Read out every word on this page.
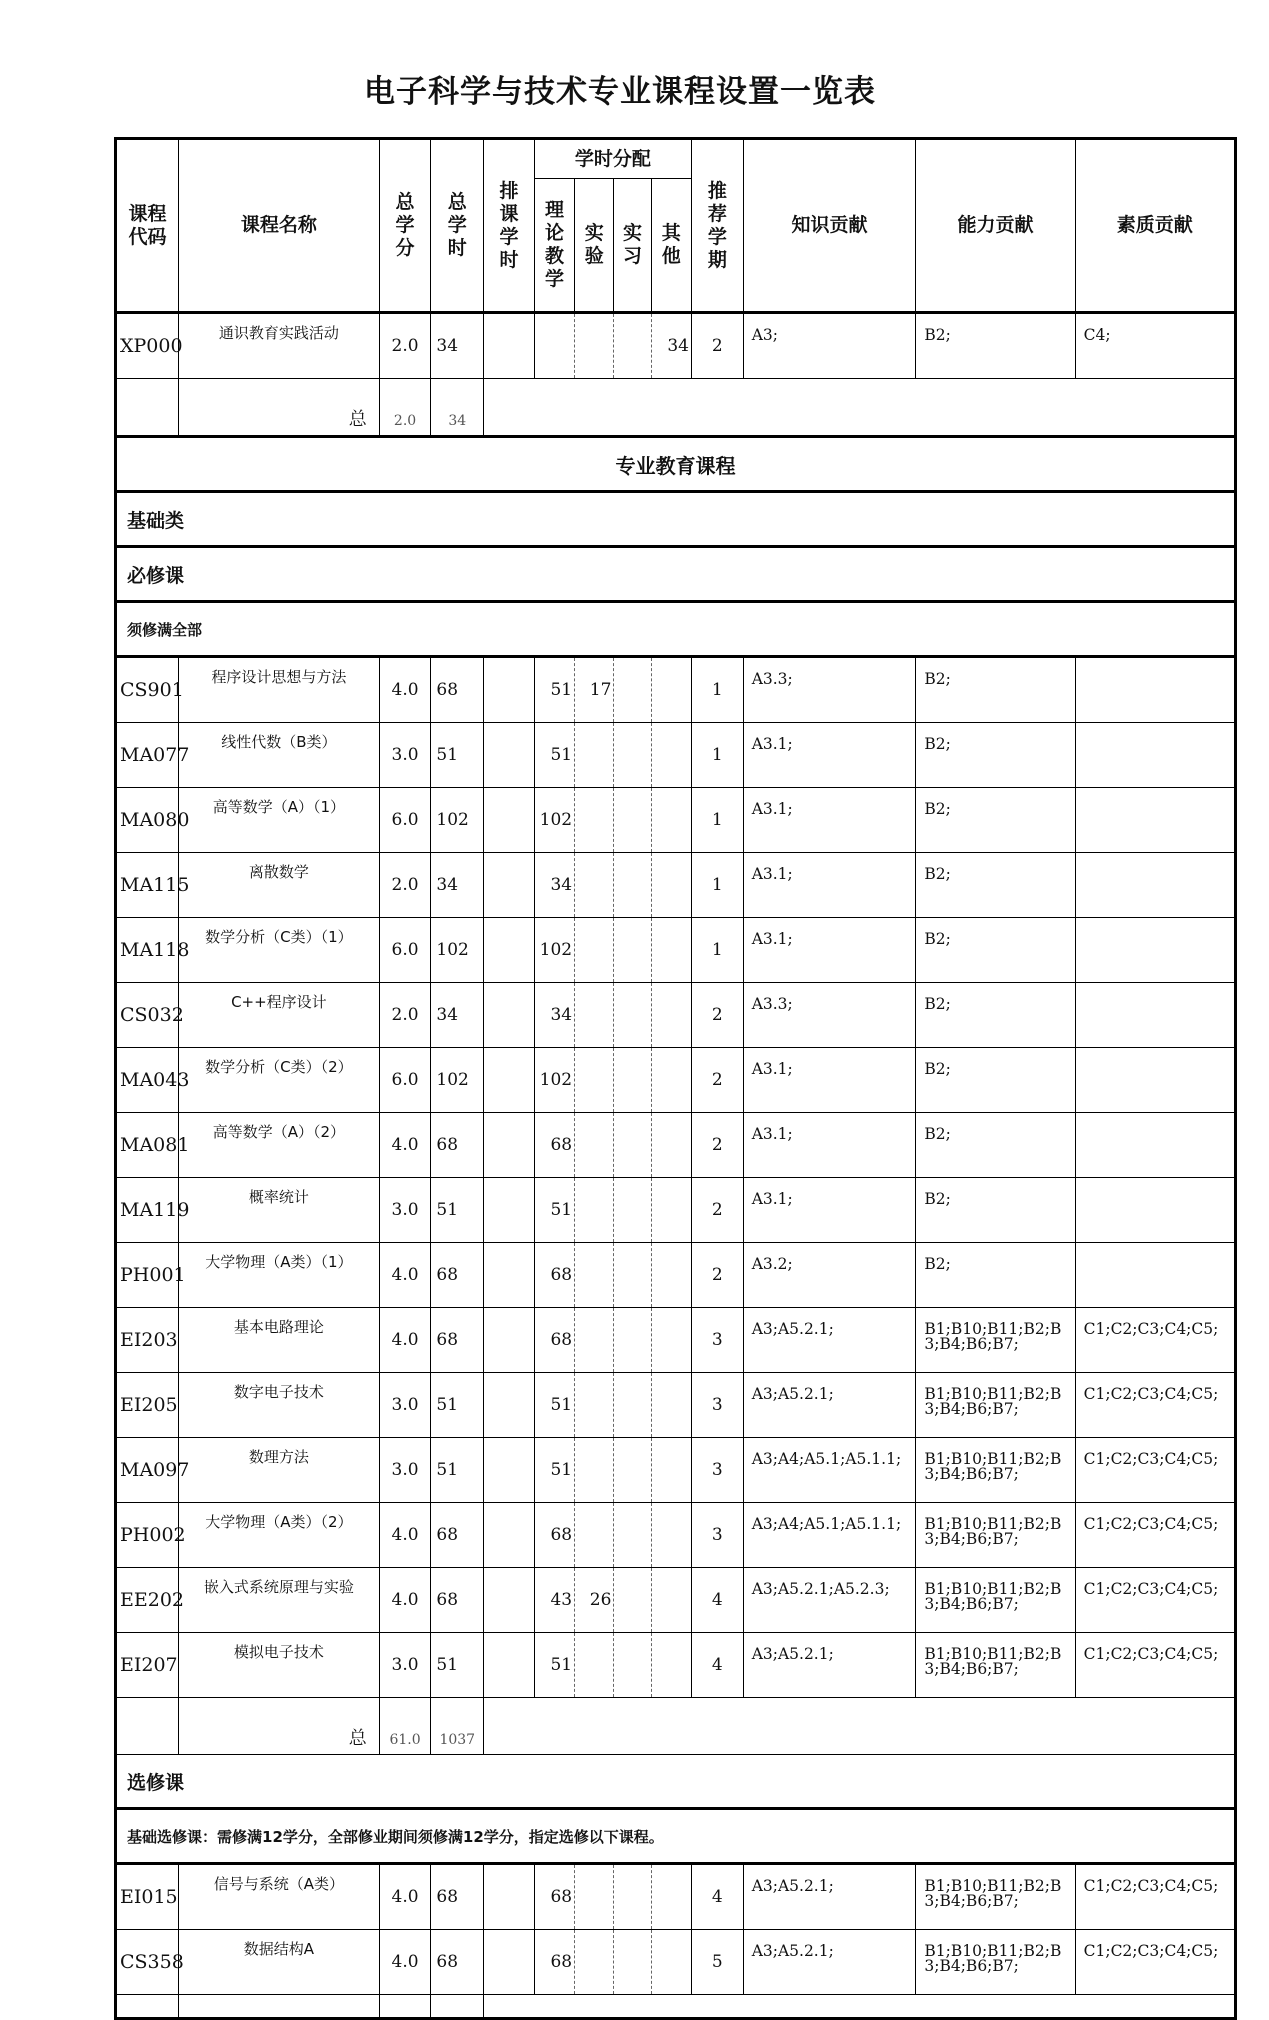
电子科学与技术专业课程设置一览表
课程代码	课程名称	总学分	总学时	排课学时	学时分配				推荐学期	知识贡献	能力贡献	素质贡献
					理论教学	实验	实习	其他				
XP000	通识教育实践活动	2.0	34					34	2	A3;	B2;	C4;
	总	2.0	34									
专业教育课程												
基础类												
必修课												
须修满全部												
CS901	程序设计思想与方法	4.0	68		51	17			1	A3.3;	B2;	
MA077	线性代数（B类）	3.0	51		51				1	A3.1;	B2;	
MA080	高等数学（A）（1）	6.0	102		102				1	A3.1;	B2;	
MA115	离散数学	2.0	34		34				1	A3.1;	B2;	
MA118	数学分析（C类）（1）	6.0	102		102				1	A3.1;	B2;	
CS032	C++程序设计	2.0	34		34				2	A3.3;	B2;	
MA043	数学分析（C类）（2）	6.0	102		102				2	A3.1;	B2;	
MA081	高等数学（A）（2）	4.0	68		68				2	A3.1;	B2;	
MA119	概率统计	3.0	51		51				2	A3.1;	B2;	
PH001	大学物理（A类）（1）	4.0	68		68				2	A3.2;	B2;	
EI203	基本电路理论	4.0	68		68				3	A3;A5.2.1;	B1;B10;B11;B2;B3;B4;B6;B7;	C1;C2;C3;C4;C5;
EI205	数字电子技术	3.0	51		51				3	A3;A5.2.1;	B1;B10;B11;B2;B3;B4;B6;B7;	C1;C2;C3;C4;C5;
MA097	数理方法	3.0	51		51				3	A3;A4;A5.1;A5.1.1;	B1;B10;B11;B2;B3;B4;B6;B7;	C1;C2;C3;C4;C5;
PH002	大学物理（A类）（2）	4.0	68		68				3	A3;A4;A5.1;A5.1.1;	B1;B10;B11;B2;B3;B4;B6;B7;	C1;C2;C3;C4;C5;
EE202	嵌入式系统原理与实验	4.0	68		43	26			4	A3;A5.2.1;A5.2.3;	B1;B10;B11;B2;B3;B4;B6;B7;	C1;C2;C3;C4;C5;
EI207	模拟电子技术	3.0	51		51				4	A3;A5.2.1;	B1;B10;B11;B2;B3;B4;B6;B7;	C1;C2;C3;C4;C5;
	总	61.0	1037									
选修课												
基础选修课：需修满12学分，全部修业期间须修满12学分，指定选修以下课程。												
EI015	信号与系统（A类）	4.0	68		68				4	A3;A5.2.1;	B1;B10;B11;B2;B3;B4;B6;B7;	C1;C2;C3;C4;C5;
CS358	数据结构A	4.0	68		68				5	A3;A5.2.1;	B1;B10;B11;B2;B3;B4;B6;B7;	C1;C2;C3;C4;C5;
